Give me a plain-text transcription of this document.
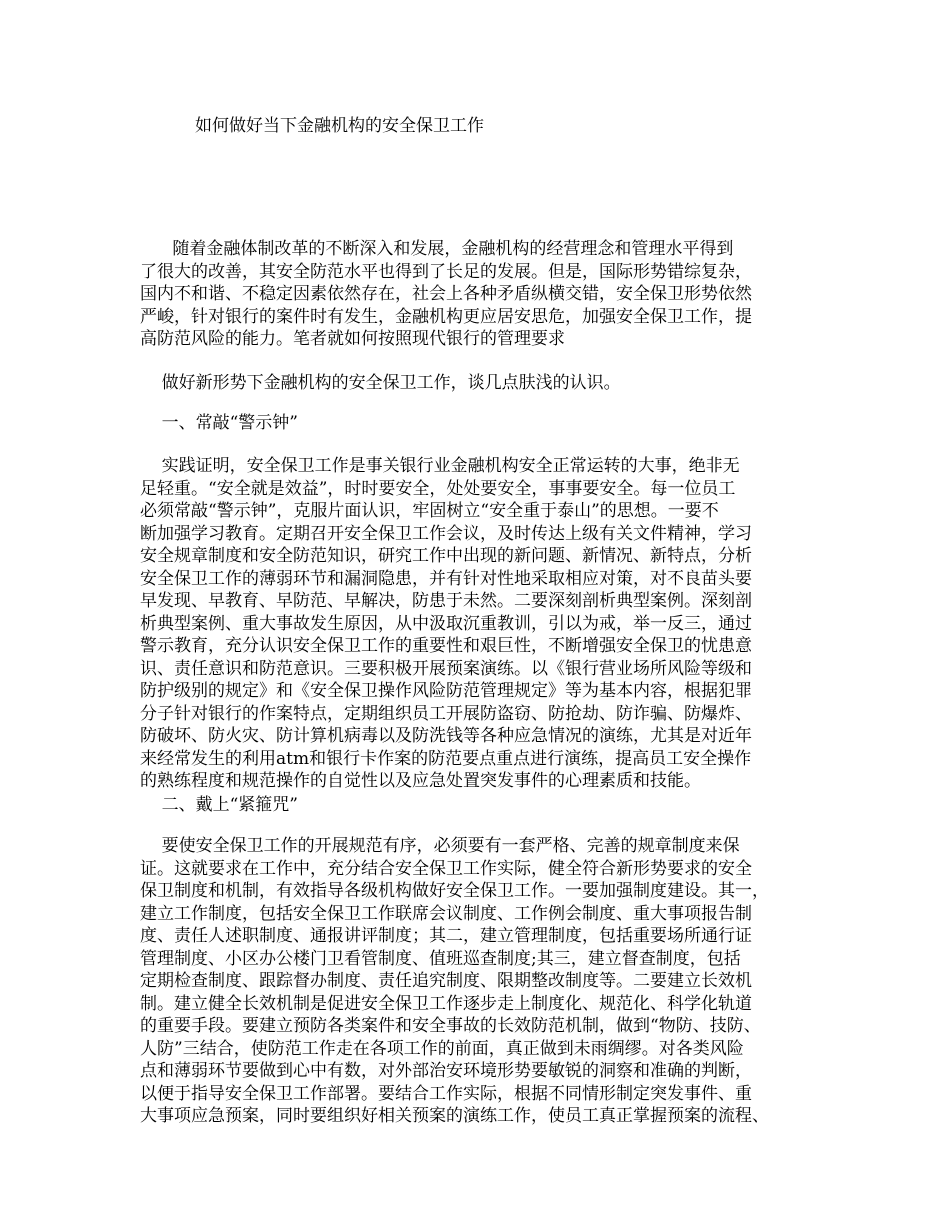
如何做好当下金融机构的安全保卫工作
随着金融体制改革的不断深入和发展，金融机构的经营理念和管理水平得到
了很大的改善，其安全防范水平也得到了长足的发展。但是，国际形势错综复杂，
国内不和谐、不稳定因素依然存在，社会上各种矛盾纵横交错，安全保卫形势依然
严峻，针对银行的案件时有发生，金融机构更应居安思危，加强安全保卫工作，提
高防范风险的能力。笔者就如何按照现代银行的管理要求
做好新形势下金融机构的安全保卫工作，谈几点肤浅的认识。
一、常敲“警示钟”
实践证明，安全保卫工作是事关银行业金融机构安全正常运转的大事，绝非无
足轻重。“安全就是效益”，时时要安全，处处要安全，事事要安全。每一位员工
必须常敲“警示钟”，克服片面认识，牢固树立“安全重于泰山”的思想。一要不
断加强学习教育。定期召开安全保卫工作会议，及时传达上级有关文件精神，学习
安全规章制度和安全防范知识，研究工作中出现的新问题、新情况、新特点，分析
安全保卫工作的薄弱环节和漏洞隐患，并有针对性地采取相应对策，对不良苗头要
早发现、早教育、早防范、早解决，防患于未然。二要深刻剖析典型案例。深刻剖
析典型案例、重大事故发生原因，从中汲取沉重教训，引以为戒，举一反三，通过
警示教育，充分认识安全保卫工作的重要性和艰巨性，不断增强安全保卫的忧患意
识、责任意识和防范意识。三要积极开展预案演练。以《银行营业场所风险等级和
防护级别的规定》和《安全保卫操作风险防范管理规定》等为基本内容，根据犯罪
分子针对银行的作案特点，定期组织员工开展防盗窃、防抢劫、防诈骗、防爆炸、
防破坏、防火灾、防计算机病毒以及防洗钱等各种应急情况的演练，尤其是对近年
来经常发生的利用atm和银行卡作案的防范要点重点进行演练，提高员工安全操作
的熟练程度和规范操作的自觉性以及应急处置突发事件的心理素质和技能。
二、戴上“紧箍咒”
要使安全保卫工作的开展规范有序，必须要有一套严格、完善的规章制度来保
证。这就要求在工作中，充分结合安全保卫工作实际，健全符合新形势要求的安全
保卫制度和机制，有效指导各级机构做好安全保卫工作。一要加强制度建设。其一，
建立工作制度，包括安全保卫工作联席会议制度、工作例会制度、重大事项报告制
度、责任人述职制度、通报讲评制度；其二，建立管理制度，包括重要场所通行证
管理制度、小区办公楼门卫看管制度、值班巡查制度;其三，建立督查制度，包括
定期检查制度、跟踪督办制度、责任追究制度、限期整改制度等。二要建立长效机
制。建立健全长效机制是促进安全保卫工作逐步走上制度化、规范化、科学化轨道
的重要手段。要建立预防各类案件和安全事故的长效防范机制，做到“物防、技防、
人防”三结合，使防范工作走在各项工作的前面，真正做到未雨绸缪。对各类风险
点和薄弱环节要做到心中有数，对外部治安环境形势要敏锐的洞察和准确的判断，
以便于指导安全保卫工作部署。要结合工作实际，根据不同情形制定突发事件、重
大事项应急预案，同时要组织好相关预案的演练工作，使员工真正掌握预案的流程、
